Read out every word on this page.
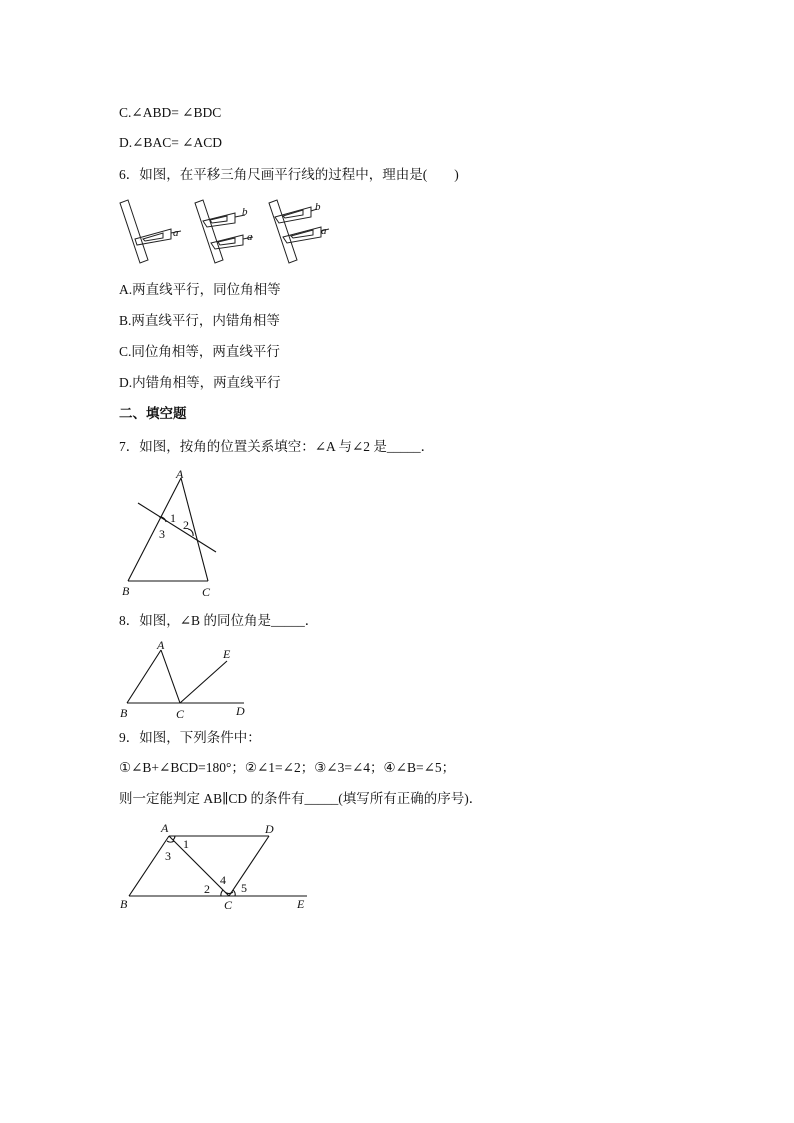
C.∠ABD= ∠BDC
D.∠BAC= ∠ACD
6．如图，在平移三角尺画平行线的过程中，理由是(　　)
a
b
a
b
a
A.两直线平行，同位角相等
B.两直线平行，内错角相等
C.同位角相等，两直线平行
D.内错角相等，两直线平行
二、填空题
7．如图，按角的位置关系填空：∠A 与∠2 是_____．
A
B	C
1 2
3
8．如图，∠B 的同位角是_____．
A
B	C	D
E
9．如图，下列条件中：
①∠B+∠BCD=180°；②∠1=∠2；③∠3=∠4；④∠B=∠5；
则一定能判定 AB∥CD 的条件有_____(填写所有正确的序号)．
A	D
B	C	E
1
3
2
4
5
